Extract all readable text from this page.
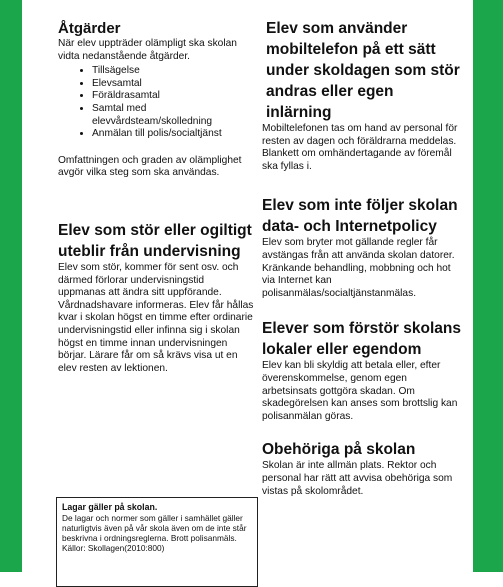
Åtgärder

När elev uppträder olämpligt ska skolan vidta nedanstående åtgärder.

• Tillsägelse
• Elevsamtal
• Föräldrasamtal
• Samtal med elevvårdsteam/skolledning
• Anmälan till polis/socialtjänst

Omfattningen och graden av olämplighet avgör vilka steg som ska användas.

Elev som stör eller ogiltigt uteblir från undervisning

Elev som stör, kommer för sent osv. och därmed förlorar undervisningstid uppmanas att ändra sitt uppförande. Vårdnadshavare informeras. Elev får hållas kvar i skolan högst en timme efter ordinarie undervisningstid eller infinna sig i skolan högst en timme innan undervisningen börjar. Lärare får om så krävs visa ut en elev resten av lektionen.

Elev som använder mobiltelefon på ett sätt under skoldagen som stör andras eller egen inlärning

Mobiltelefonen tas om hand av personal för resten av dagen och föräldrarna meddelas. Blankett om omhändertagande av föremål ska fyllas i.

Elev som inte följer skolan data- och Internetpolicy

Elev som bryter mot gällande regler får avstängas från att använda skolan datorer. Kränkande behandling, mobbning och hot via Internet kan polisanmälas/socialtjänstanmälas.

Elever som förstör skolans lokaler eller egendom

Elev kan bli skyldig att betala eller, efter överenskommelse, genom egen arbetsinsats gottgöra skadan. Om skadegörelsen kan anses som brottslig kan polisanmälan göras.

Obehöriga på skolan

Skolan är inte allmän plats. Rektor och personal har rätt att avvisa obehöriga som vistas på skolområdet.

Lagar gäller på skolan.
De lagar och normer som gäller i samhället gäller naturligtvis även på vår skola även om de inte står beskrivna i ordningsreglerna. Brott polisanmäls. Källor: Skollagen(2010:800)
